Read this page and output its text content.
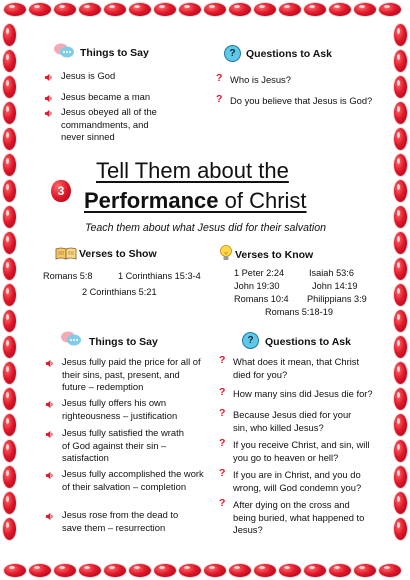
Things to Say
Jesus is God
Jesus became a man
Jesus obeyed all of the commandments, and never sinned
? Questions to Ask
? Who is Jesus?
? Do you believe that Jesus is God?
3
Tell Them about the
Performance of Christ
Teach them about what Jesus did for their salvation
Verses to Show
Romans 5:8	1 Corinthians 15:3-4
2 Corinthians 5:21
Verses to Know
1 Peter 2:24	Isaiah 53:6
John 19:30	John 14:19
Romans 10:4 Philippians 3:9
Romans 5:18-19
Things to Say
Jesus fully paid the price for all of their sins, past, present, and future – redemption
Jesus fully offers his own righteousness – justification
Jesus fully satisfied the wrath of God against their sin – satisfaction
Jesus fully accomplished the work of their salvation – completion
Jesus rose from the dead to save them – resurrection
?	Questions to Ask
? What does it mean, that Christ died for you?
? How many sins did Jesus die for?
? Because Jesus died for your sin, who killed Jesus?
? If you receive Christ, and sin, will you go to heaven or hell?
? If you are in Christ, and you do wrong, will God condemn you?
? After dying on the cross and being buried, what happened to Jesus?
